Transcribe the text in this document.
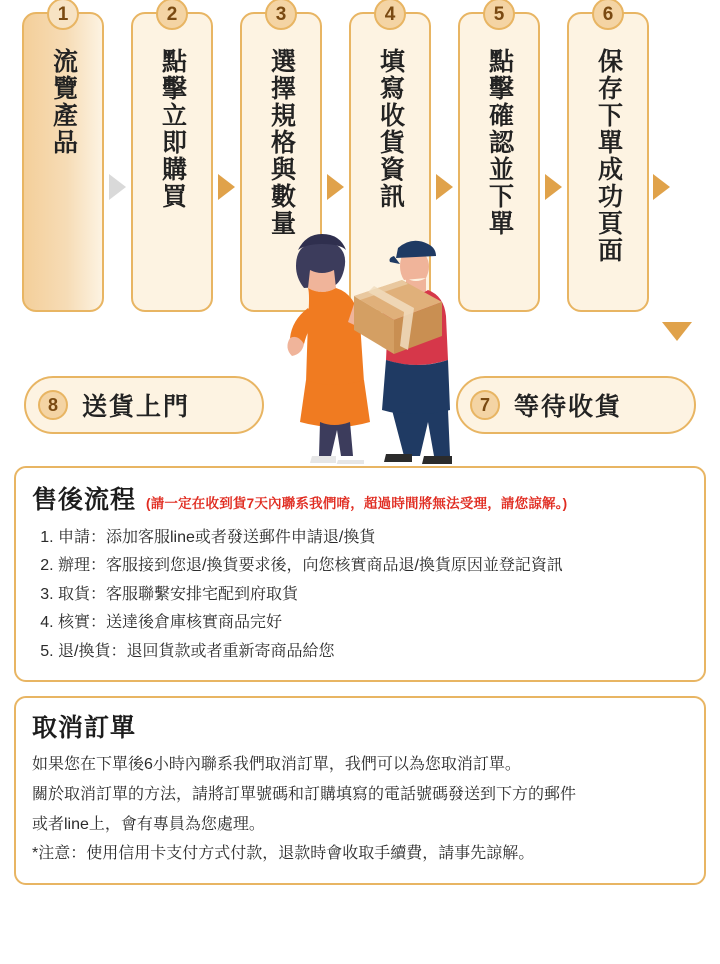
1
流覽產品
2
點擊立即購買
3
選擇規格與數量
4
填寫收貨資訊
5
點擊確認並下單
6
保存下單成功頁面
8 送貨上門	7 等待收貨
售後流程 (請一定在收到貨7天內聯系我們唷，超過時間將無法受理，請您諒解。)
1. 申請：添加客服line或者發送郵件申請退/換貨
2. 辦理：客服接到您退/換貨要求後，向您核實商品退/換貨原因並登記資訊
3. 取貨：客服聯繫安排宅配到府取貨
4. 核實：送達後倉庫核實商品完好
5. 退/換貨：退回貨款或者重新寄商品給您
取消訂單
如果您在下單後6小時內聯系我們取消訂單，我們可以為您取消訂單。
關於取消訂單的方法，請將訂單號碼和訂購填寫的電話號碼發送到下方的郵件
或者line上，會有專員為您處理。
*注意：使用信用卡支付方式付款，退款時會收取手續費，請事先諒解。
